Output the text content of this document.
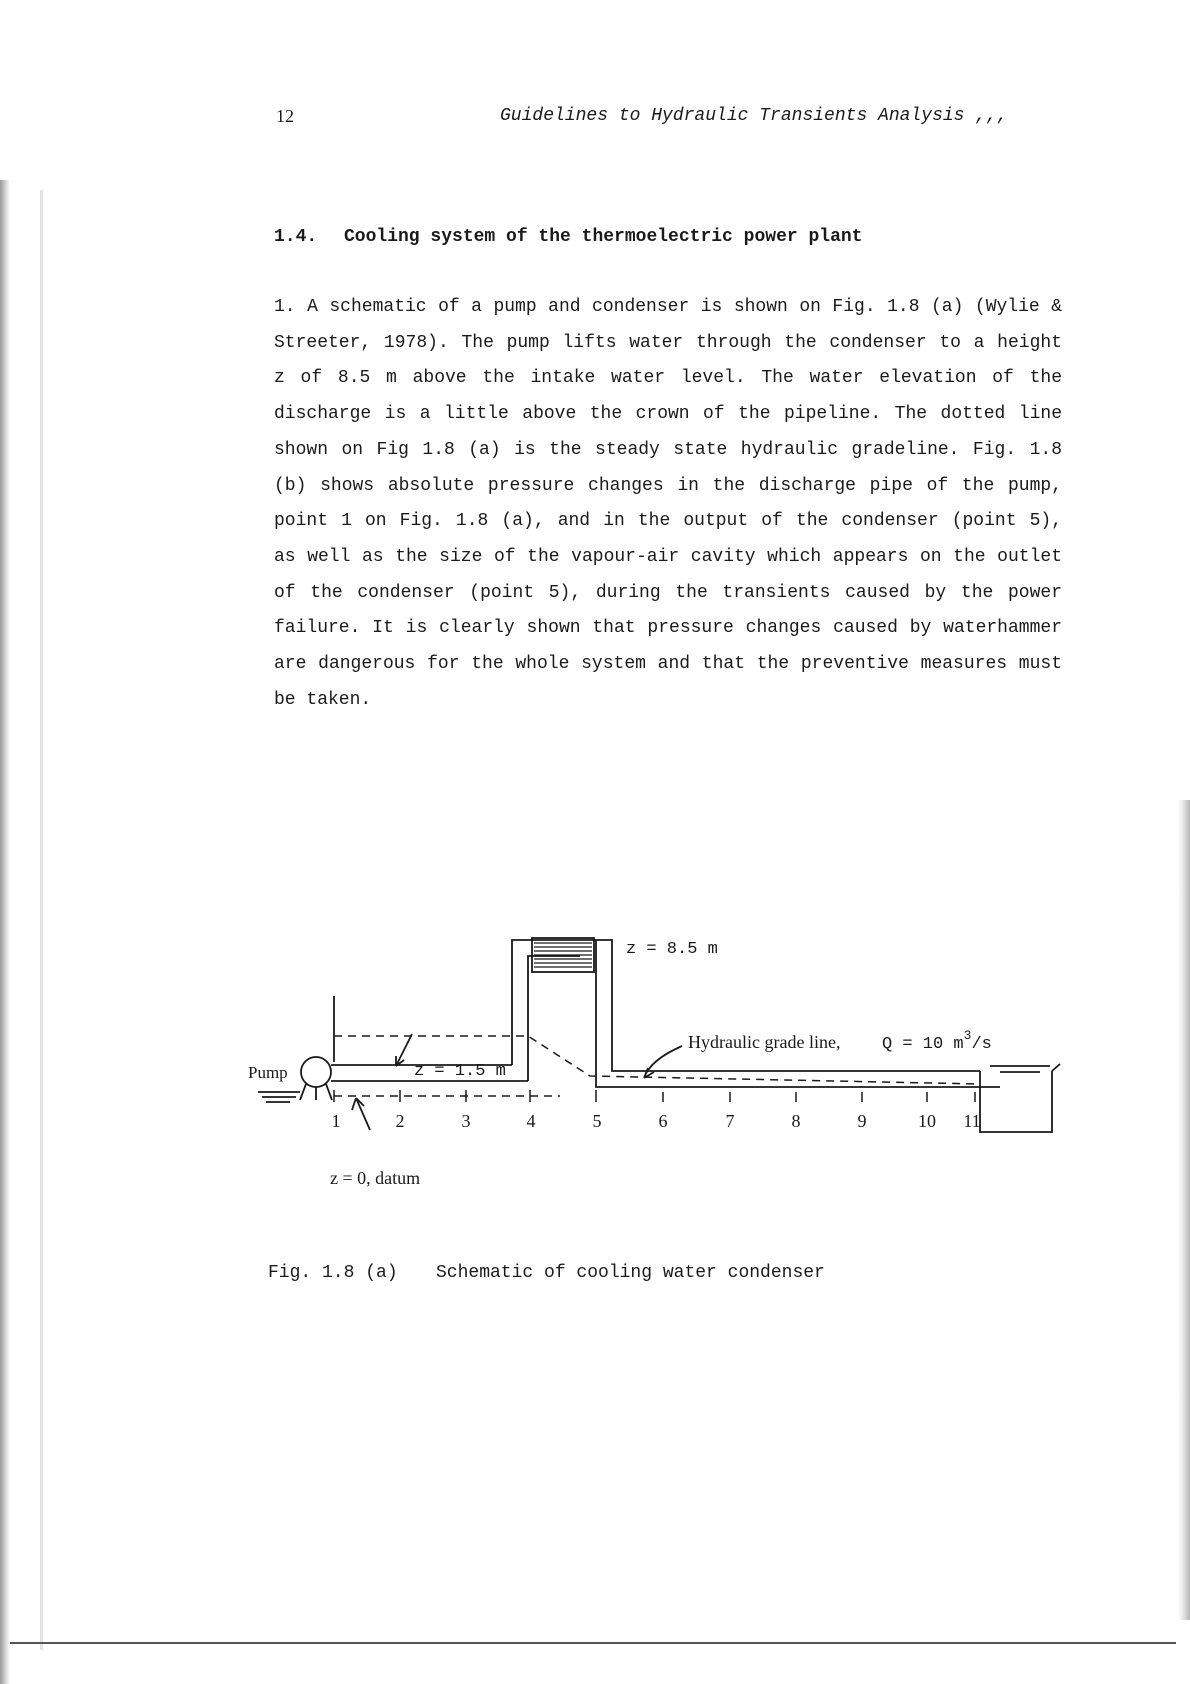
12	Guidelines to Hydraulic Transients Analysis ,,,
1.4. Cooling system of the thermoelectric power plant

1. A schematic of a pump and condenser is shown on Fig. 1.8 (a) (Wylie & Streeter, 1978). The pump lifts water through the condenser to a height z of 8.5 m above the intake water level. The water elevation of the discharge is a little above the crown of the pipeline. The dotted line shown on Fig 1.8 (a) is the steady state hydraulic gradeline. Fig. 1.8 (b) shows absolute pressure changes in the discharge pipe of the pump, point 1 on Fig. 1.8 (a), and in the output of the condenser (point 5), as well as the size of the vapour-air cavity which appears on the outlet of the condenser (point 5), during the transients caused by the power failure. It is clearly shown that pressure changes caused by waterhammer are dangerous for the whole system and that the preventive measures must be taken.

z = 8.5 m
z = 1.5 m
z = 0, datum
Pump
Hydraulic grade line, Q = 10 $m^3/s$
1	2	3	4	5	6	7	8	9	10 11
Fig. 1.8 (a) Schematic of cooling water condenser
